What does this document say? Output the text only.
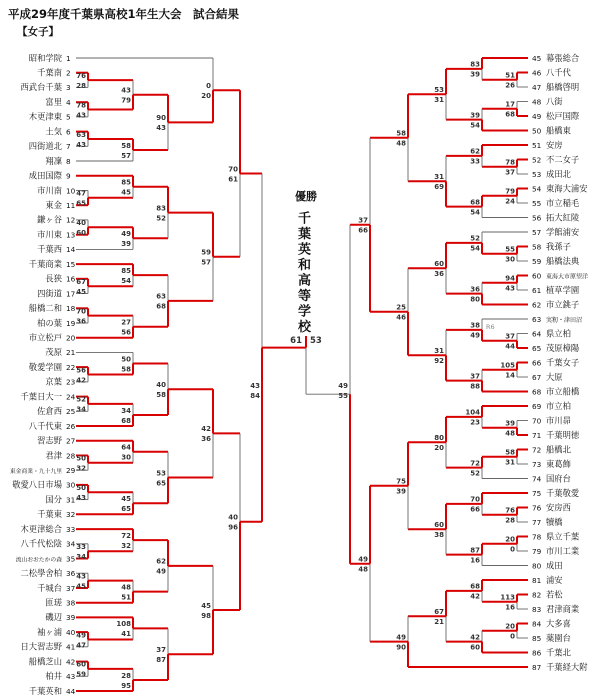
平成29年度千葉県高校1年生大会　試合結果
【女子】
優勝
千葉英和高等学校
昭和学院 1
千葉南 2
西武台千葉 3
富里 4
木更津東 5
土気 6
四街道北 7
翔凜 8
成田国際 9
市川南 10
東金 11
鎌ヶ谷 12
市川東 13
千葉西 14
千葉商業 15
長狭 16
四街道 17
船橋二和 18
柏の葉 19
市立松戸 20
茂原 21
敬愛学園 22
京葉 23
千葉日大一 24
佐倉西 25
八千代東 26
習志野 27
君津 28
東金商業・九十九里 29
敬愛八日市場 30
国分 31
千葉東 32
木更津総合 33
八千代松陰 34
流山おおたかの森 35
二松學舍柏 36
千城台 37
匝瑳 38
磯辺 39
袖ヶ浦 40
日大習志野 41
船橋芝山 42
柏井 43
千葉英和 44
45 幕張総合
46 八千代
47 船橋啓明
48 八街
49 松戸国際
50 船橋東
51 安房
52 不二女子
53 成田北
54 東海大浦安
55 市立稲毛
56 拓大紅陵
57 学館浦安
58 我孫子
59 船橋法典
60 東海大市原望洋
61 植草学園
62 市立銚子
63 実籾・津田沼
64 県立柏
65 茂原樟陽
66 千葉女子
67 大原
68 市立船橋
69 市立柏
70 市川昴
71 千葉明徳
72 船橋北
73 東葛飾
74 国府台
75 千葉敬愛
76 安房西
77 犢橋
78 県立千葉
79 市川工業
80 成田
81 浦安
82 若松
83 君津商業
84 大多喜
85 薬園台
86 千葉北
87 千葉経大附
76
28
78
43
63
43
47
65
40
60
67
45
70
36
56
42
52
34
50
32
50
43
33
34
43
45
49
47
60
59
43
79
58
57
85
45
49
39
85
54
27
56
50
58
34
68
64
30
45
65
72
32
48
51
108
41
28
95
90
43
83
52
63
68
40
58
53
65
62
49
37
87
0
20
59
57
42
36
45
98
70
61
40
96
43
84
51
26
17
68
78
37
79
24
55
30
94
43
37
44
105
14
39
48
58
31
76
28
20
0
113
16
20
0
83
39
39
54
62
33
68
54
52
54
36
80
38
49
R6
37
88
104
23
72
52
70
66
87
16
68
42
42
60
53
31
31
69
60
36
31
92
80
20
60
38
67
21
58
48
25
46
75
39
49
90
37
66
49
48
49
55
61 53
